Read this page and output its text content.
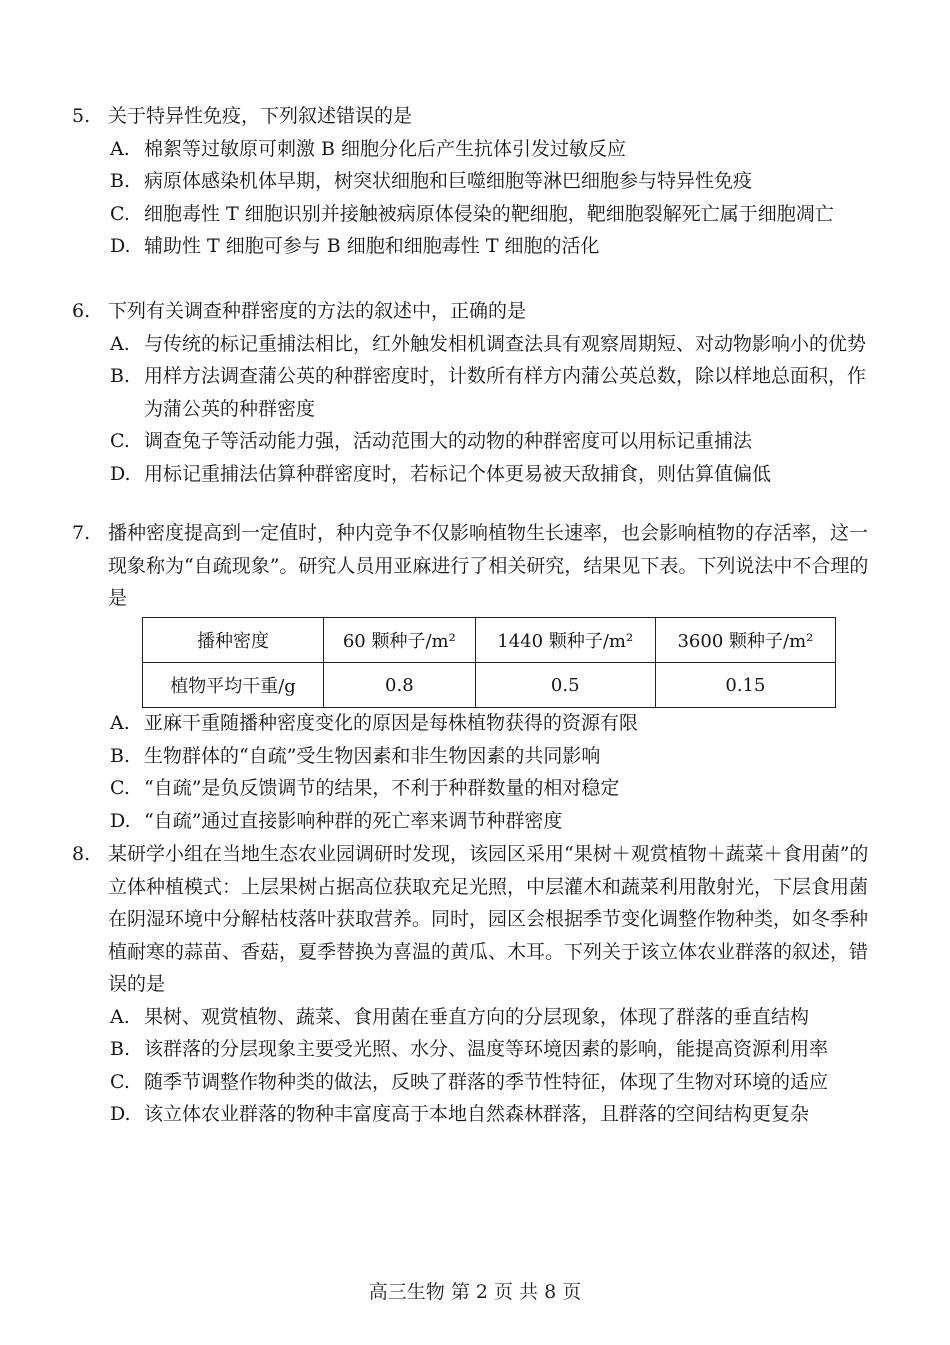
5. 关于特异性免疫，下列叙述错误的是

A. 棉絮等过敏原可刺激 B 细胞分化后产生抗体引发过敏反应

B. 病原体感染机体早期，树突状细胞和巨噬细胞等淋巴细胞参与特异性免疫

C. 细胞毒性 T 细胞识别并接触被病原体侵染的靶细胞，靶细胞裂解死亡属于细胞凋亡

D. 辅助性 T 细胞可参与 B 细胞和细胞毒性 T 细胞的活化

6. 下列有关调查种群密度的方法的叙述中，正确的是

A. 与传统的标记重捕法相比，红外触发相机调查法具有观察周期短、对动物影响小的优势

B. 用样方法调查蒲公英的种群密度时，计数所有样方内蒲公英总数，除以样地总面积，作为蒲公英的种群密度

C. 调查兔子等活动能力强，活动范围大的动物的种群密度可以用标记重捕法

D. 用标记重捕法估算种群密度时，若标记个体更易被天敌捕食，则估算值偏低

7. 播种密度提高到一定值时，种内竞争不仅影响植物生长速率，也会影响植物的存活率，这一现象称为“自疏现象”。研究人员用亚麻进行了相关研究，结果见下表。下列说法中不合理的是

播种密度	60 颗种子/m²	1440 颗种子/m²	3600 颗种子/m²
植物平均干重/g	0.8	0.5	0.15

A. 亚麻干重随播种密度变化的原因是每株植物获得的资源有限

B. 生物群体的“自疏”受生物因素和非生物因素的共同影响

C. “自疏”是负反馈调节的结果，不利于种群数量的相对稳定

D. “自疏”通过直接影响种群的死亡率来调节种群密度

8. 某研学小组在当地生态农业园调研时发现，该园区采用“果树＋观赏植物＋蔬菜＋食用菌”的立体种植模式：上层果树占据高位获取充足光照，中层灌木和蔬菜利用散射光，下层食用菌在阴湿环境中分解枯枝落叶获取营养。同时，园区会根据季节变化调整作物种类，如冬季种植耐寒的蒜苗、香菇，夏季替换为喜温的黄瓜、木耳。下列关于该立体农业群落的叙述，错误的是

A. 果树、观赏植物、蔬菜、食用菌在垂直方向的分层现象，体现了群落的垂直结构

B. 该群落的分层现象主要受光照、水分、温度等环境因素的影响，能提高资源利用率

C. 随季节调整作物种类的做法，反映了群落的季节性特征，体现了生物对环境的适应

D. 该立体农业群落的物种丰富度高于本地自然森林群落，且群落的空间结构更复杂

高三生物 第 2 页 共 8 页
